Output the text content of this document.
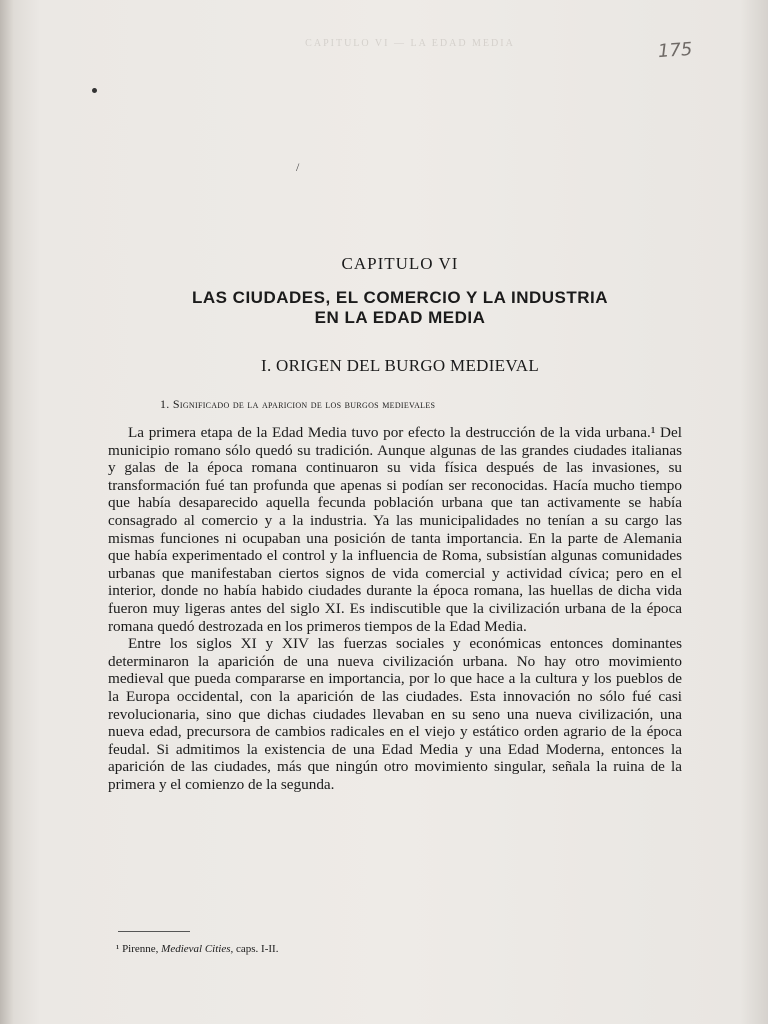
CAPITULO VI — LA EDAD MEDIA	175
/
CAPITULO VI
LAS CIUDADES, EL COMERCIO Y LA INDUSTRIA
EN LA EDAD MEDIA
I. ORIGEN DEL BURGO MEDIEVAL
1. Significado de la aparicion de los burgos medievales

La primera etapa de la Edad Media tuvo por efecto la destrucción de la vida urbana.¹ Del municipio romano sólo quedó su tradición. Aunque algunas de las grandes ciudades italianas y galas de la época romana continuaron su vida física después de las invasiones, su transformación fué tan profunda que apenas si podían ser reconocidas. Hacía mucho tiempo que había desaparecido aquella fecunda población urbana que tan activamente se había consagrado al comercio y a la industria. Ya las municipalidades no tenían a su cargo las mismas funciones ni ocupaban una posición de tanta importancia. En la parte de Alemania que había experimentado el control y la influencia de Roma, subsistían algunas comunidades urbanas que manifestaban ciertos signos de vida comercial y actividad cívica; pero en el interior, donde no había habido ciudades durante la época romana, las huellas de dicha vida fueron muy ligeras antes del siglo XI. Es indiscutible que la civilización urbana de la época romana quedó destrozada en los primeros tiempos de la Edad Media.

Entre los siglos XI y XIV las fuerzas sociales y económicas entonces dominantes determinaron la aparición de una nueva civilización urbana. No hay otro movimiento medieval que pueda compararse en importancia, por lo que hace a la cultura y los pueblos de la Europa occidental, con la aparición de las ciudades. Esta innovación no sólo fué casi revolucionaria, sino que dichas ciudades llevaban en su seno una nueva civilización, una nueva edad, precursora de cambios radicales en el viejo y estático orden agrario de la época feudal. Si admitimos la existencia de una Edad Media y una Edad Moderna, entonces la aparición de las ciudades, más que ningún otro movimiento singular, señala la ruina de la primera y el comienzo de la segunda.

¹ Pirenne, Medieval Cities, caps. I-II.
